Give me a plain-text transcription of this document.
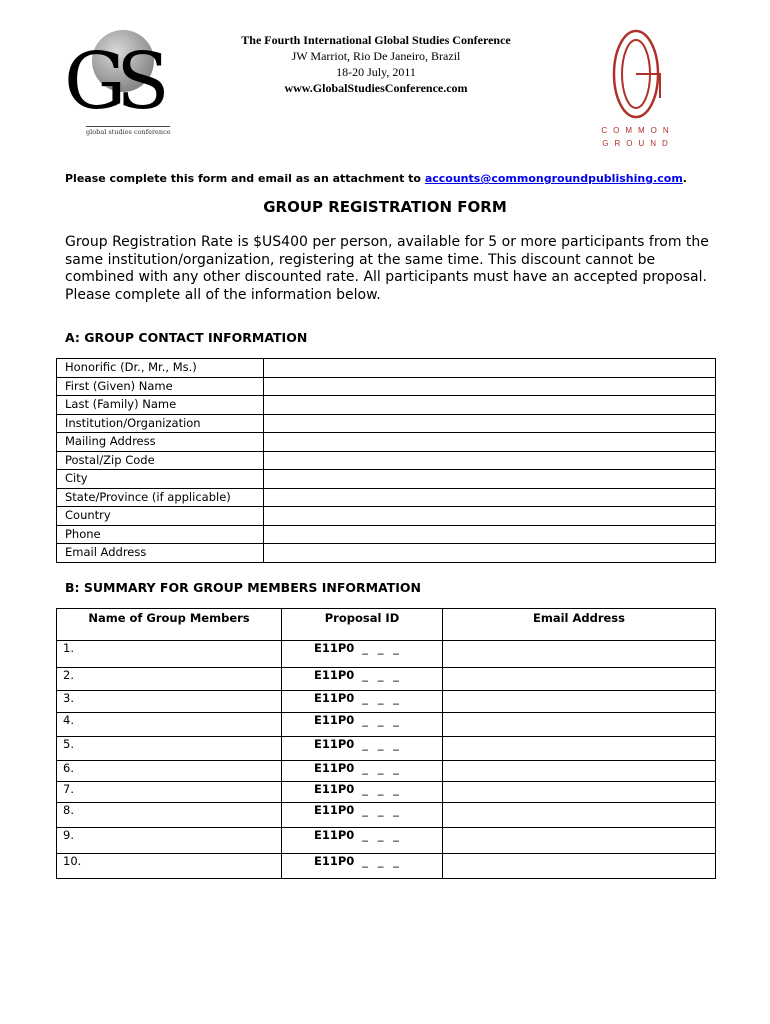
GS
global studies conference
The Fourth International Global Studies Conference
JW Marriot, Rio De Janeiro, Brazil
18-20 July, 2011
www.GlobalStudiesConference.com
COMMON
GROUND
Please complete this form and email as an attachment to accounts@commongroundpublishing.com.
GROUP REGISTRATION FORM
Group Registration Rate is $US400 per person, available for 5 or more participants from the same institution/organization, registering at the same time. This discount cannot be combined with any other discounted rate. All participants must have an accepted proposal. Please complete all of the information below.
A: GROUP CONTACT INFORMATION
Honorific (Dr., Mr., Ms.)	
First (Given) Name	
Last (Family) Name	
Institution/Organization	
Mailing Address	
Postal/Zip Code	
City	
State/Province (if applicable)	
Country	
Phone	
Email Address	
B: SUMMARY FOR GROUP MEMBERS INFORMATION
Name of Group Members	Proposal ID	Email Address
1.	E11P0 _ _ _	
2.	E11P0 _ _ _	
3.	E11P0 _ _ _	
4.	E11P0 _ _ _	
5.	E11P0 _ _ _	
6.	E11P0 _ _ _	
7.	E11P0 _ _ _	
8.	E11P0 _ _ _	
9.	E11P0 _ _ _	
10.	E11P0 _ _ _	
